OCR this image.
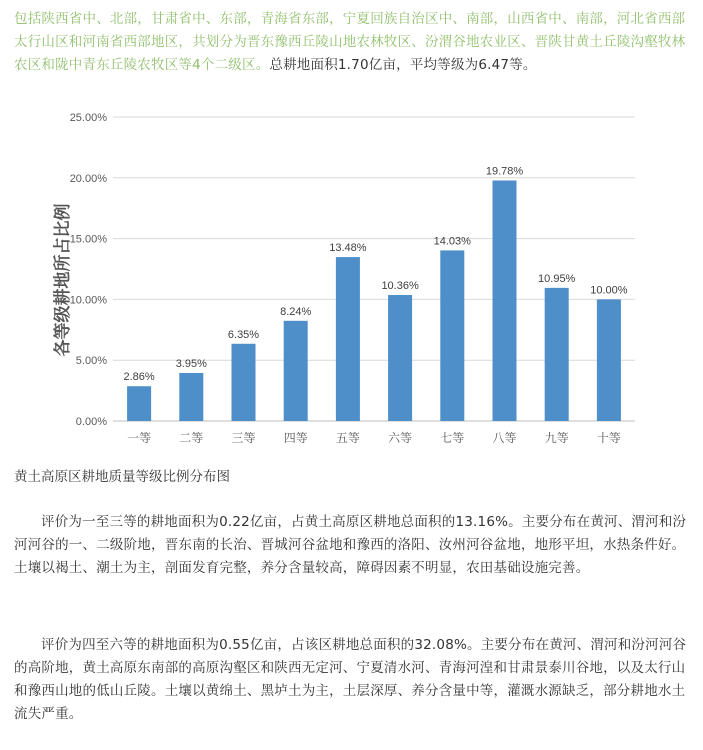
包括陕西省中、北部，甘肃省中、东部，青海省东部，宁夏回族自治区中、南部，山西省中、南部，河北省西部太行山区和河南省西部地区，共划分为晋东豫西丘陵山地农林牧区、汾渭谷地农业区、晋陕甘黄土丘陵沟壑牧林农区和陇中青东丘陵农牧区等4个二级区。总耕地面积1.70亿亩，平均等级为6.47等。

0.00%
5.00%
10.00%
15.00%
20.00%
25.00%
2.86%
3.95%
6.35%
8.24%
13.48%
10.36%
14.03%
19.78%
10.95%
10.00%
一等 二等 三等 四等 五等 六等 七等 八等 九等 十等
各等级耕地所占比例

黄土高原区耕地质量等级比例分布图

评价为一至三等的耕地面积为0.22亿亩，占黄土高原区耕地总面积的13.16%。主要分布在黄河、渭河和汾河河谷的一、二级阶地，晋东南的长治、晋城河谷盆地和豫西的洛阳、汝州河谷盆地，地形平坦，水热条件好。土壤以褐土、潮土为主，剖面发育完整，养分含量较高，障碍因素不明显，农田基础设施完善。

评价为四至六等的耕地面积为0.55亿亩，占该区耕地总面积的32.08%。主要分布在黄河、渭河和汾河河谷的高阶地，黄土高原东南部的高原沟壑区和陕西无定河、宁夏清水河、青海河湟和甘肃景泰川谷地，以及太行山和豫西山地的低山丘陵。土壤以黄绵土、黑垆土为主，土层深厚、养分含量中等，灌溉水源缺乏，部分耕地水土流失严重。
